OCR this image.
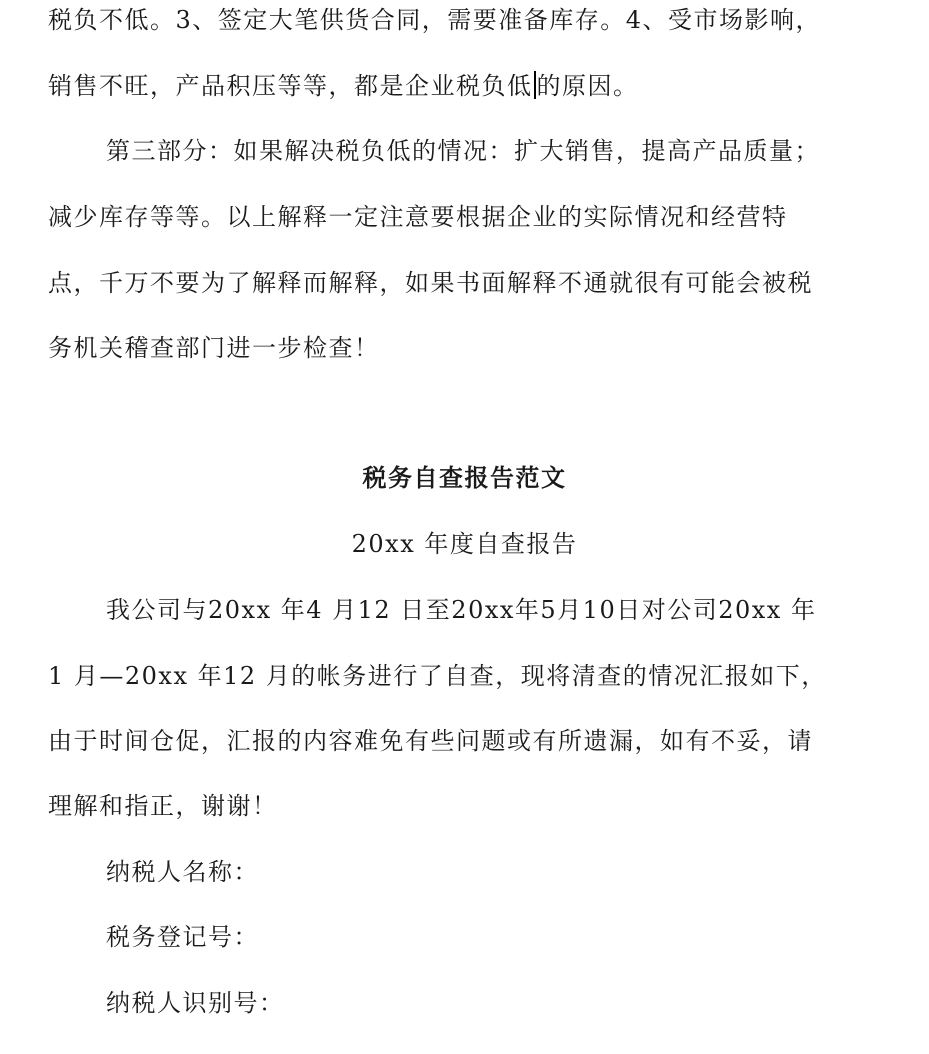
税负不低。3、签定大笔供货合同，需要准备库存。4、受市场影响，
销售不旺，产品积压等等，都是企业税负低 的原因。
第三部分：如果解决税负低的情况：扩大销售，提高产品质量；
减少库存等等。以上解释一定注意要根据企业的实际情况和经营特
点，千万不要为了解释而解释，如果书面解释不通就很有可能会被税
务机关稽查部门进一步检查！
税务自查报告范文
20xx 年度自查报告
我公司与20xx 年4 月12 日至20xx年5月10日对公司20xx 年
1 月—20xx 年12 月的帐务进行了自查，现将清查的情况汇报如下，
由于时间仓促，汇报的内容难免有些问题或有所遗漏，如有不妥，请
理解和指正，谢谢！
纳税人名称：
税务登记号：
纳税人识别号：
